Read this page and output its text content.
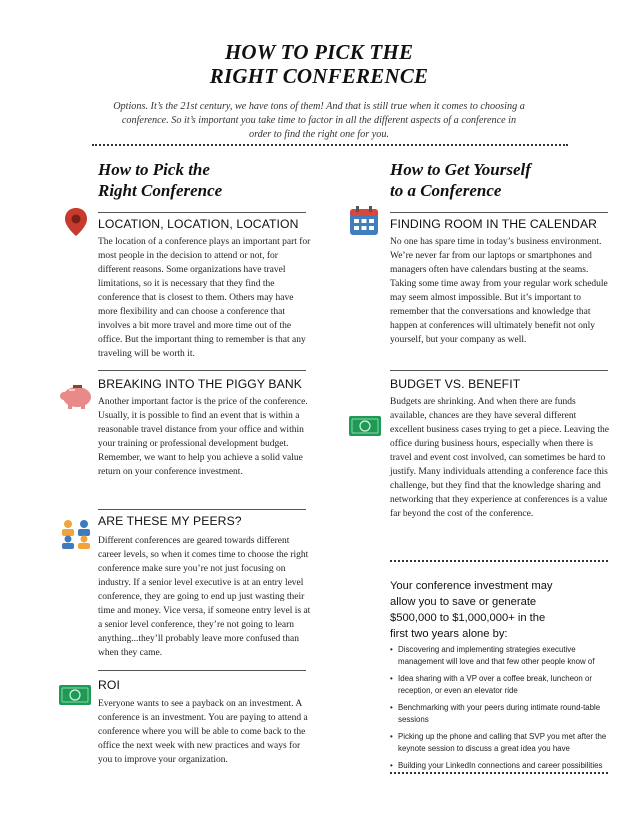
HOW TO PICK THE
RIGHT CONFERENCE
Options. It’s the 21st century, we have tons of them! And that is still true when it comes to choosing a conference. So it’s important you take time to factor in all the different aspects of a conference in order to find the right one for you.
How to Pick the
Right Conference
How to Get Yourself
to a Conference
LOCATION, LOCATION, LOCATION
The location of a conference plays an important part for most people in the decision to attend or not, for different reasons. Some organizations have travel limitations, so it is necessary that they find the conference that is closest to them. Others may have more flexibility and can choose a conference that involves a bit more travel and more time out of the office. But the important thing to remember is that any traveling will be worth it.
BREAKING INTO THE PIGGY BANK
Another important factor is the price of the conference. Usually, it is possible to find an event that is within a reasonable travel distance from your office and within your training or professional development budget. Remember, we want to help you achieve a solid value return on your conference investment.
ARE THESE MY PEERS?
Different conferences are geared towards different career levels, so when it comes time to choose the right conference make sure you’re not just focusing on industry. If a senior level executive is at an entry level conference, they are going to end up just wasting their time and money. Vice versa, if someone entry level is at a senior level conference, they’re not going to learn anything...they’ll probably leave more confused than when they came.
ROI
Everyone wants to see a payback on an investment. A conference is an investment. You are paying to attend a conference where you will be able to come back to the office the next week with new practices and ways for you to improve your organization.
FINDING ROOM IN THE CALENDAR
No one has spare time in today’s business environment. We’re never far from our laptops or smartphones and managers often have calendars busting at the seams. Taking some time away from your regular work schedule may seem almost impossible. But it’s important to remember that the conversations and knowledge that happen at conferences will ultimately benefit not only yourself, but your company as well.
BUDGET VS. BENEFIT
Budgets are shrinking. And when there are funds available, chances are they have several different excellent business cases trying to get a piece. Leaving the office during business hours, especially when there is travel and event cost involved, can sometimes be hard to justify. Many individuals attending a conference face this challenge, but they find that the knowledge sharing and networking that they experience at conferences is a value far beyond the cost of the conference.
Your conference investment may
allow you to save or generate
$500,000 to $1,000,000+ in the
first two years alone by:
• Discovering and implementing strategies executive management will love and that few other people know of
• Idea sharing with a VP over a coffee break, luncheon or reception, or even an elevator ride
• Benchmarking with your peers during intimate round-table sessions
• Picking up the phone and calling that SVP you met after the keynote session to discuss a great idea you have
• Building your LinkedIn connections and career possibilities
